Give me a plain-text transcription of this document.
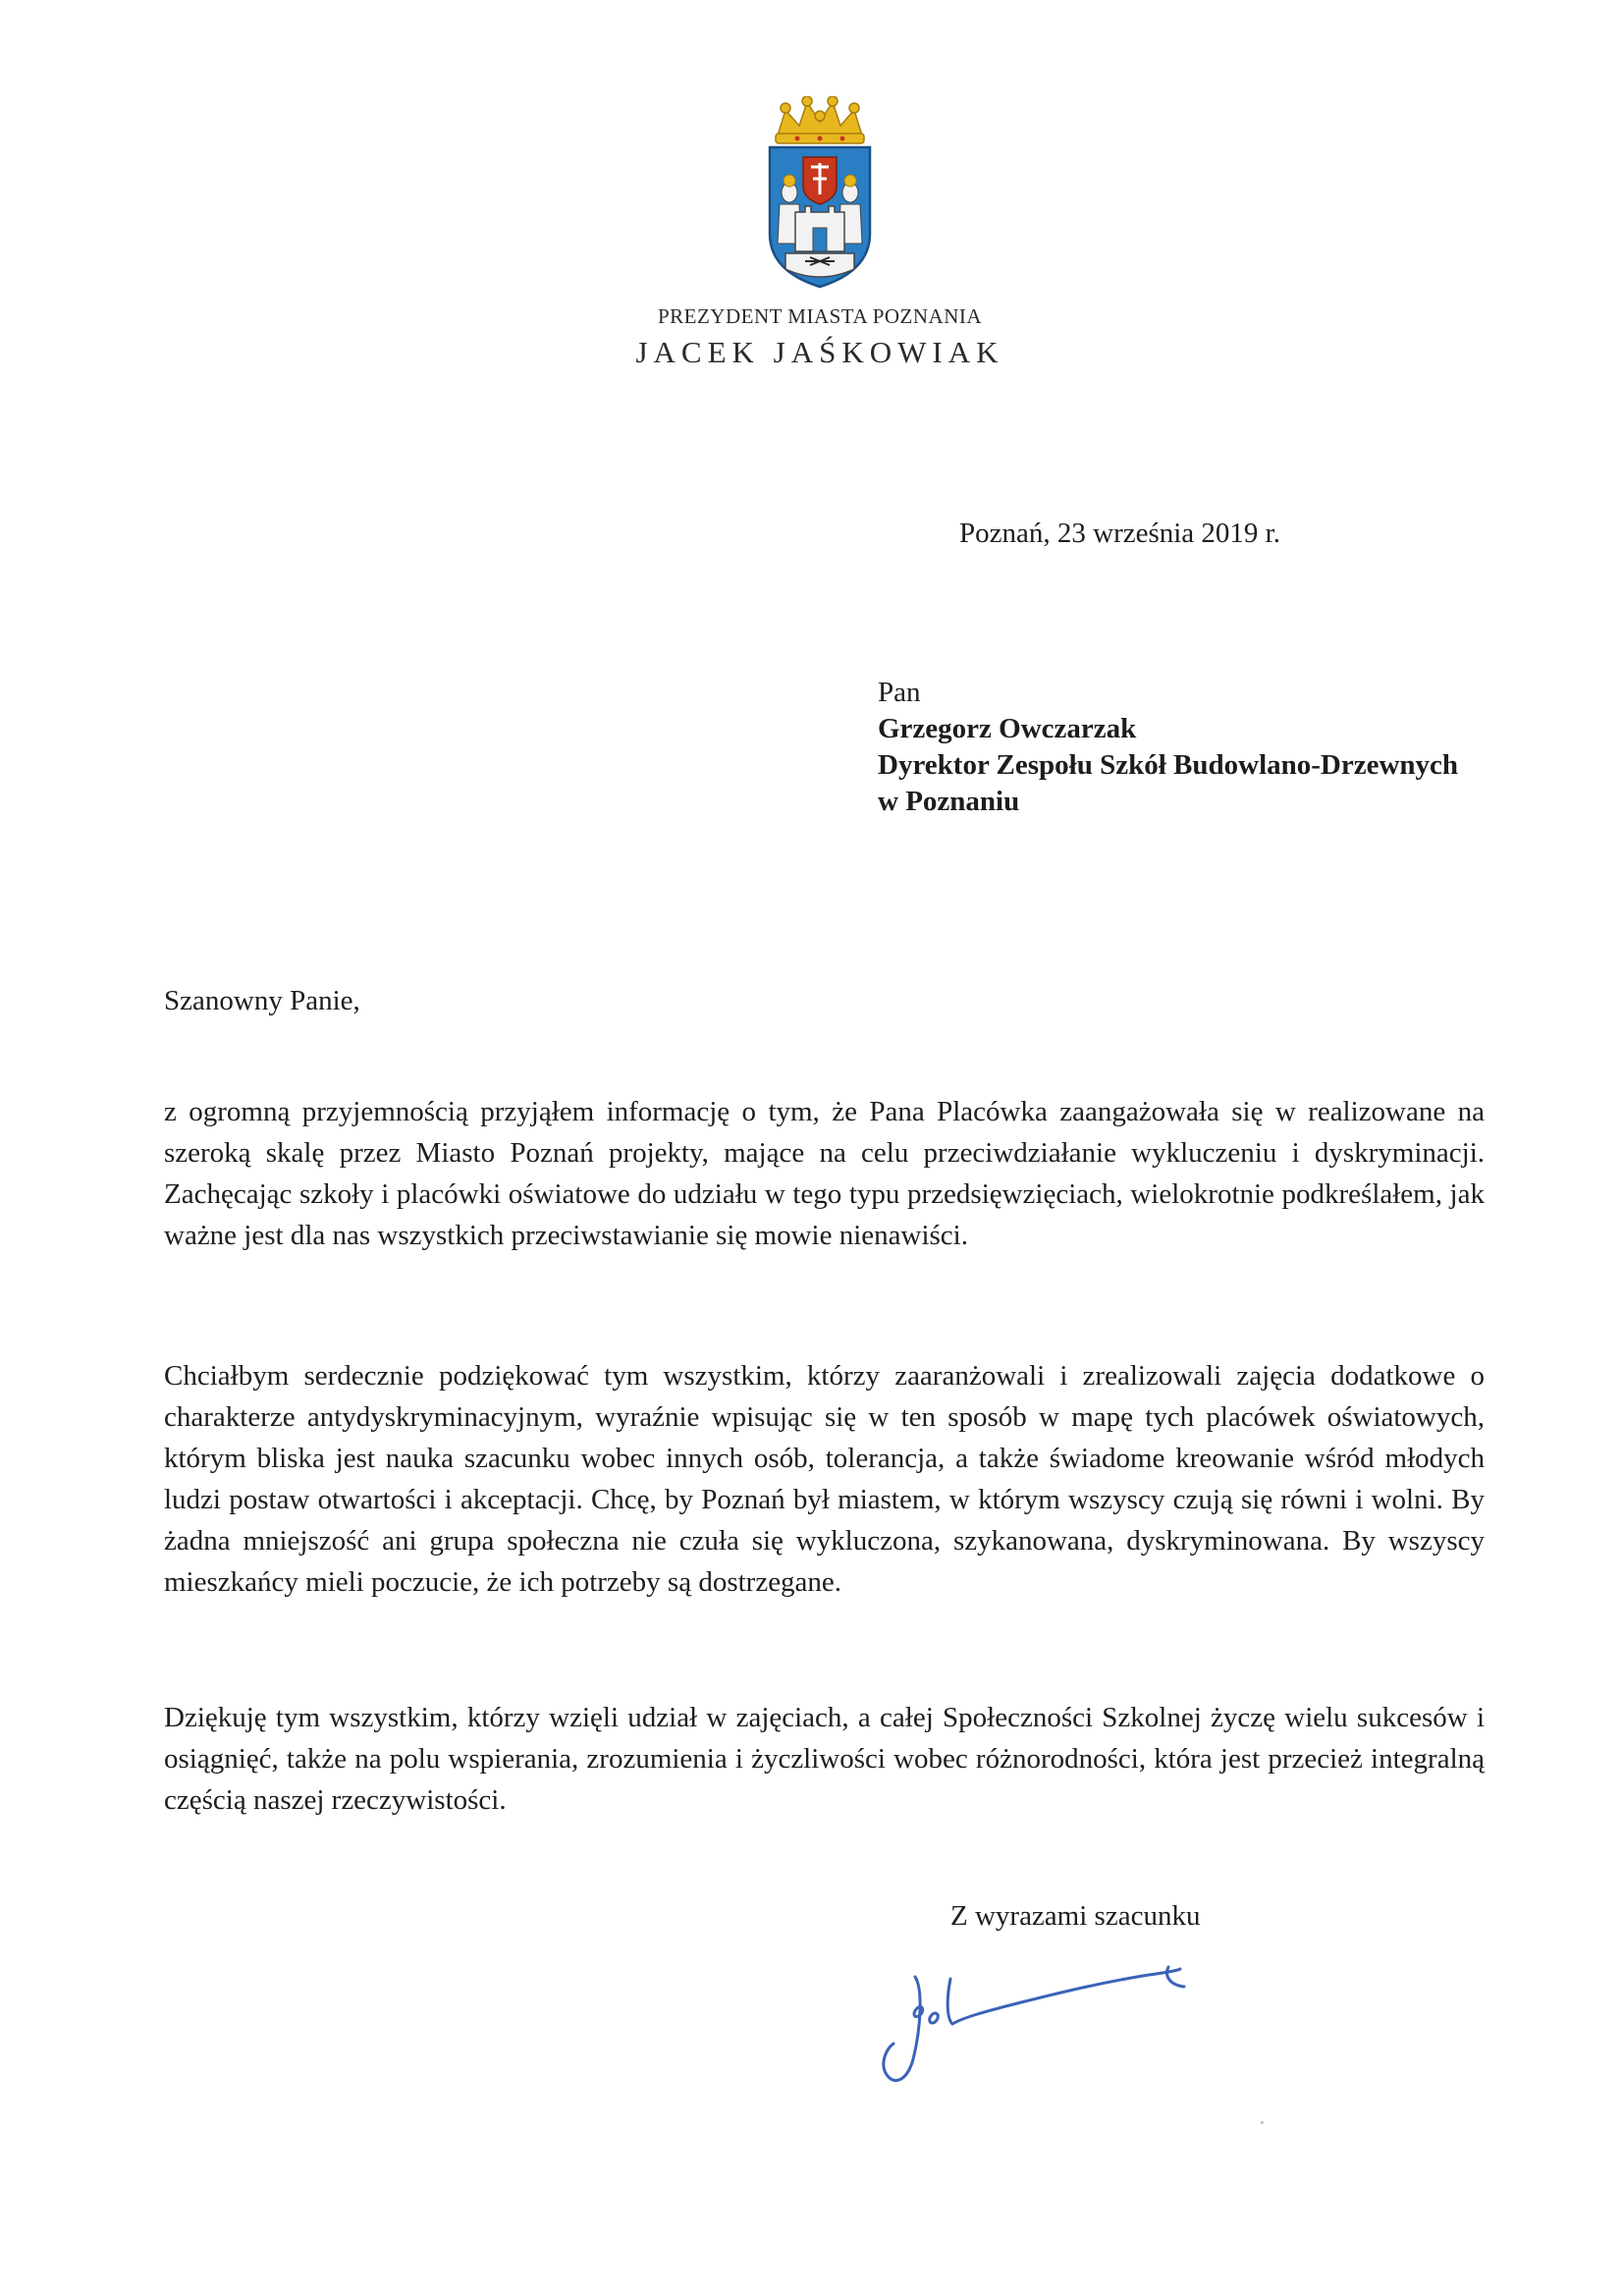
PREZYDENT MIASTA POZNANIA
JACEK JAŚKOWIAK
Poznań, 23 września 2019 r.
Pan
Grzegorz Owczarzak
Dyrektor Zespołu Szkół Budowlano-Drzewnych
w Poznaniu
Szanowny Panie,
z ogromną przyjemnością przyjąłem informację o tym, że Pana Placówka zaangażowała się w realizowane na szeroką skalę przez Miasto Poznań projekty, mające na celu przeciwdziałanie wykluczeniu i dyskryminacji. Zachęcając szkoły i placówki oświatowe do udziału w tego typu przedsięwzięciach, wielokrotnie podkreślałem, jak ważne jest dla nas wszystkich przeciwstawianie się mowie nienawiści.
Chciałbym serdecznie podziękować tym wszystkim, którzy zaaranżowali i zrealizowali zajęcia dodatkowe o charakterze antydyskryminacyjnym, wyraźnie wpisując się w ten sposób w mapę tych placówek oświatowych, którym bliska jest nauka szacunku wobec innych osób, tolerancja, a także świadome kreowanie wśród młodych ludzi postaw otwartości i akceptacji. Chcę, by Poznań był miastem, w którym wszyscy czują się równi i wolni. By żadna mniejszość ani grupa społeczna nie czuła się wykluczona, szykanowana, dyskryminowana. By wszyscy mieszkańcy mieli poczucie, że ich potrzeby są dostrzegane.
Dziękuję tym wszystkim, którzy wzięli udział w zajęciach, a całej Społeczności Szkolnej życzę wielu sukcesów i osiągnięć, także na polu wspierania, zrozumienia i życzliwości wobec różnorodności, która jest przecież integralną częścią naszej rzeczywistości.
Z wyrazami szacunku
